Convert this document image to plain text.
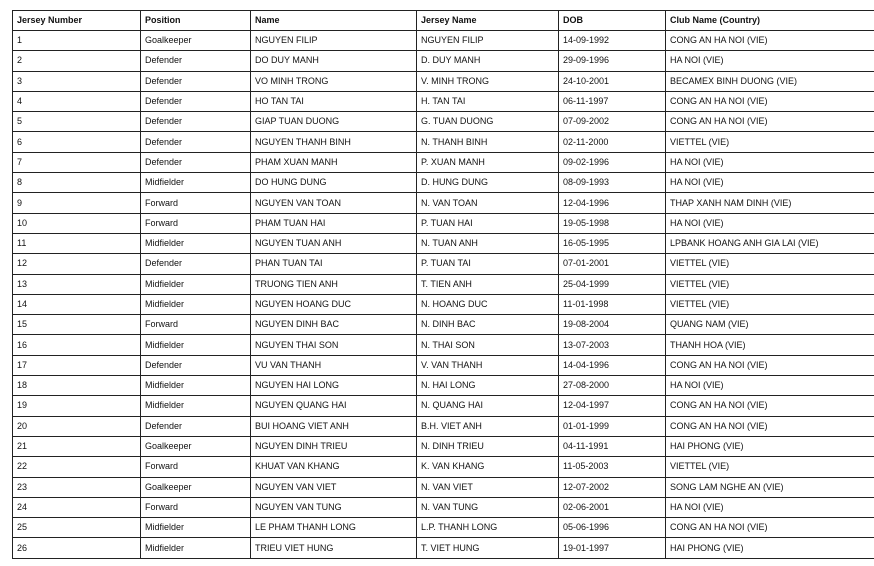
Jersey Number	Position	Name	Jersey Name	DOB	Club Name (Country)
1	Goalkeeper	NGUYEN FILIP	NGUYEN FILIP	14-09-1992	CONG AN HA NOI (VIE)
2	Defender	DO DUY MANH	D. DUY MANH	29-09-1996	HA NOI (VIE)
3	Defender	VO MINH TRONG	V. MINH TRONG	24-10-2001	BECAMEX BINH DUONG (VIE)
4	Defender	HO TAN TAI	H. TAN TAI	06-11-1997	CONG AN HA NOI (VIE)
5	Defender	GIAP TUAN DUONG	G. TUAN DUONG	07-09-2002	CONG AN HA NOI (VIE)
6	Defender	NGUYEN THANH BINH	N. THANH BINH	02-11-2000	VIETTEL (VIE)
7	Defender	PHAM XUAN MANH	P. XUAN MANH	09-02-1996	HA NOI (VIE)
8	Midfielder	DO HUNG DUNG	D. HUNG DUNG	08-09-1993	HA NOI (VIE)
9	Forward	NGUYEN VAN TOAN	N. VAN TOAN	12-04-1996	THAP XANH NAM DINH (VIE)
10	Forward	PHAM TUAN HAI	P. TUAN HAI	19-05-1998	HA NOI (VIE)
11	Midfielder	NGUYEN TUAN ANH	N. TUAN ANH	16-05-1995	LPBANK HOANG ANH GIA LAI (VIE)
12	Defender	PHAN TUAN TAI	P. TUAN TAI	07-01-2001	VIETTEL (VIE)
13	Midfielder	TRUONG TIEN ANH	T. TIEN ANH	25-04-1999	VIETTEL (VIE)
14	Midfielder	NGUYEN HOANG DUC	N. HOANG DUC	11-01-1998	VIETTEL (VIE)
15	Forward	NGUYEN DINH BAC	N. DINH BAC	19-08-2004	QUANG NAM (VIE)
16	Midfielder	NGUYEN THAI SON	N. THAI SON	13-07-2003	THANH HOA (VIE)
17	Defender	VU VAN THANH	V. VAN THANH	14-04-1996	CONG AN HA NOI (VIE)
18	Midfielder	NGUYEN HAI LONG	N. HAI LONG	27-08-2000	HA NOI (VIE)
19	Midfielder	NGUYEN QUANG HAI	N. QUANG HAI	12-04-1997	CONG AN HA NOI (VIE)
20	Defender	BUI HOANG VIET ANH	B.H. VIET ANH	01-01-1999	CONG AN HA NOI (VIE)
21	Goalkeeper	NGUYEN DINH TRIEU	N. DINH TRIEU	04-11-1991	HAI PHONG (VIE)
22	Forward	KHUAT VAN KHANG	K. VAN KHANG	11-05-2003	VIETTEL (VIE)
23	Goalkeeper	NGUYEN VAN VIET	N. VAN VIET	12-07-2002	SONG LAM NGHE AN (VIE)
24	Forward	NGUYEN VAN TUNG	N. VAN TUNG	02-06-2001	HA NOI (VIE)
25	Midfielder	LE PHAM THANH LONG	L.P. THANH LONG	05-06-1996	CONG AN HA NOI (VIE)
26	Midfielder	TRIEU VIET HUNG	T. VIET HUNG	19-01-1997	HAI PHONG (VIE)
